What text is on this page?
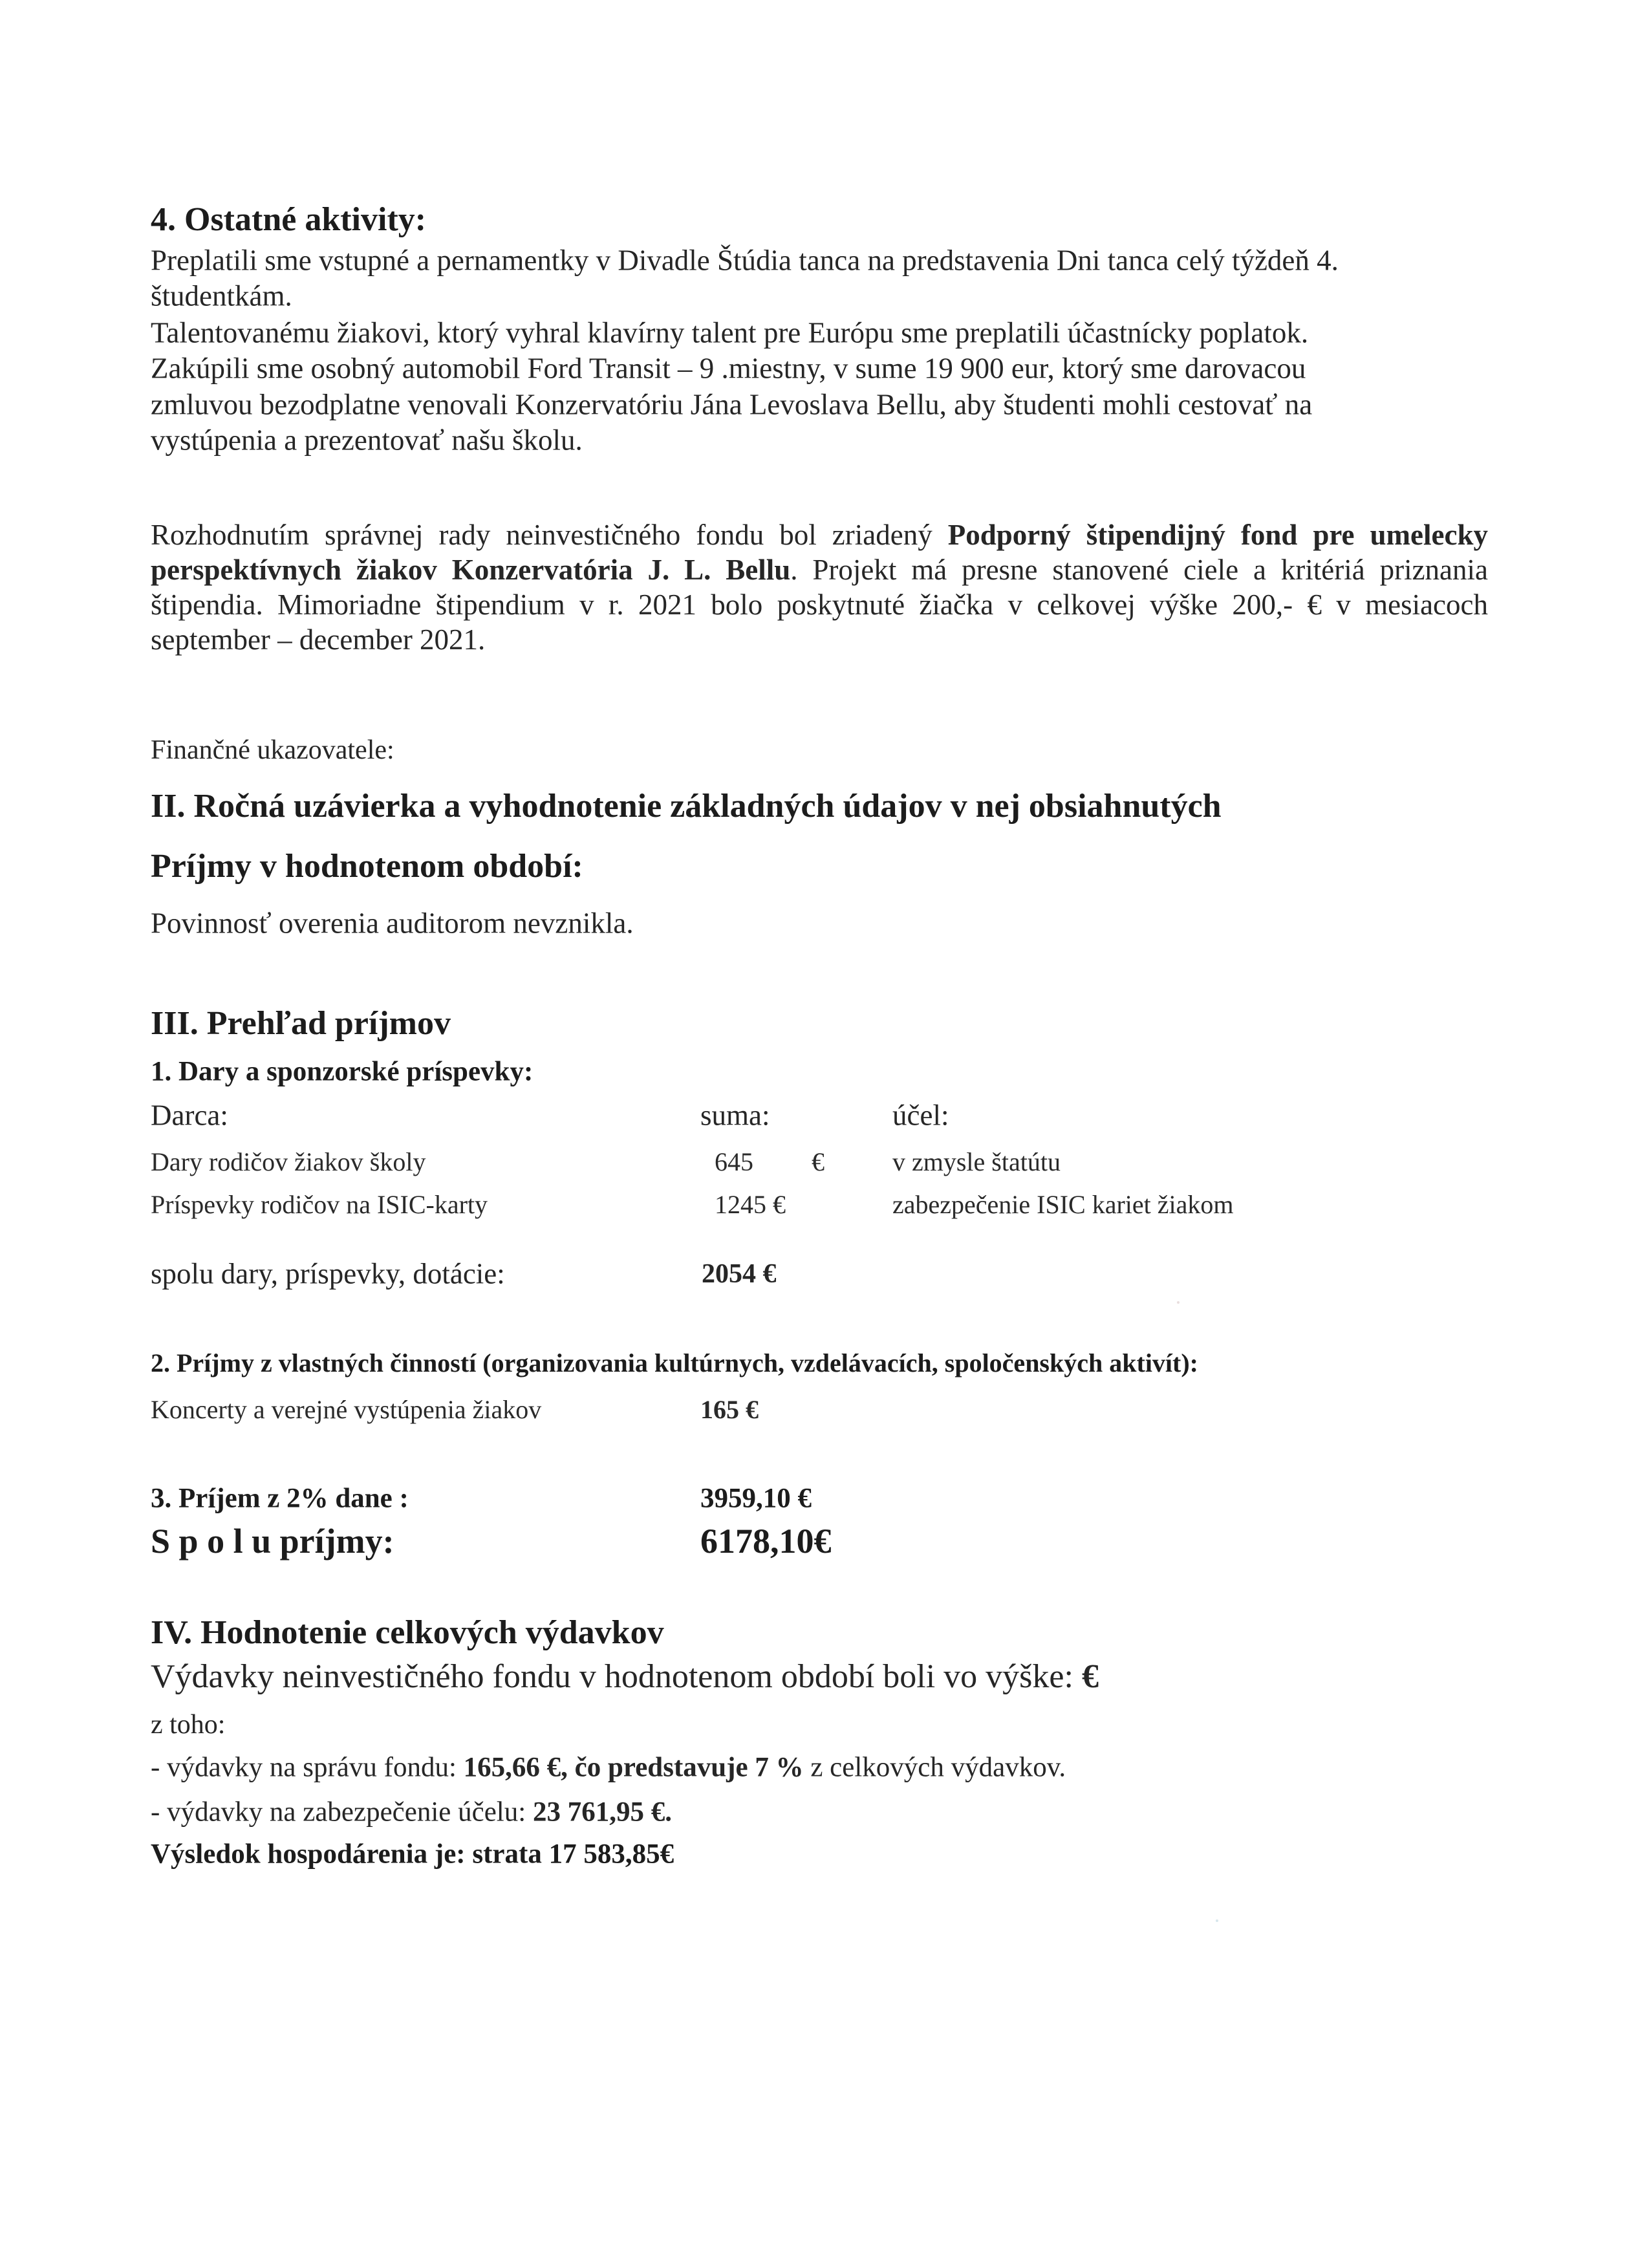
4. Ostatné aktivity:
Preplatili sme vstupné a pernamentky v Divadle Štúdia tanca na predstavenia Dni tanca celý týždeň 4.
študentkám.
Talentovanému žiakovi, ktorý vyhral klavírny talent pre Európu sme preplatili účastnícky poplatok.
Zakúpili sme osobný automobil Ford Transit – 9 .miestny, v sume 19 900 eur, ktorý sme darovacou
zmluvou bezodplatne venovali Konzervatóriu Jána Levoslava Bellu, aby študenti mohli cestovať na
vystúpenia a prezentovať našu školu.
Rozhodnutím správnej rady neinvestičného fondu bol zriadený Podporný štipendijný fond pre umelecky perspektívnych žiakov Konzervatória J. L. Bellu. Projekt má presne stanovené ciele a kritériá priznania štipendia. Mimoriadne štipendium v r. 2021 bolo poskytnuté žiačka v celkovej výške 200,- € v mesiacoch september – december 2021.
Finančné ukazovatele:
II. Ročná uzávierka a vyhodnotenie základných údajov v nej obsiahnutých
Príjmy v hodnotenom období:
Povinnosť overenia auditorom nevznikla.
III. Prehľad príjmov
1. Dary a sponzorské príspevky:
Darca:	suma:	účel:
Dary rodičov žiakov školy	645 €	v zmysle štatútu
Príspevky rodičov na ISIC-karty	1245 €	zabezpečenie ISIC kariet žiakom
spolu dary, príspevky, dotácie:	2054 €
2. Príjmy z vlastných činností (organizovania kultúrnych, vzdelávacích, spoločenských aktivít):
Koncerty a verejné vystúpenia žiakov	165 €
3. Príjem z 2% dane :	3959,10 €
S p o l u príjmy:	6178,10€
IV. Hodnotenie celkových výdavkov
Výdavky neinvestičného fondu v hodnotenom období boli vo výške: €
z toho:
- výdavky na správu fondu: 165,66 €, čo predstavuje 7 % z celkových výdavkov.
- výdavky na zabezpečenie účelu: 23 761,95 €.
Výsledok hospodárenia je: strata 17 583,85€
